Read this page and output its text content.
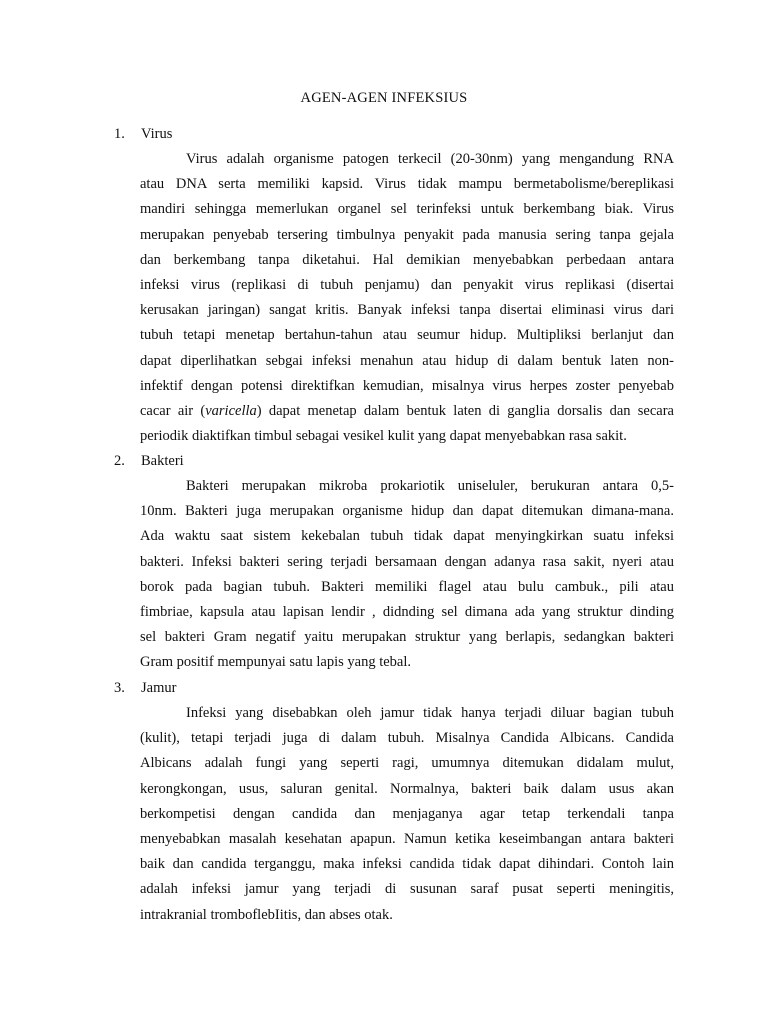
AGEN-AGEN INFEKSIUS
1. Virus
Virus adalah organisme patogen terkecil (20-30nm) yang mengandung RNA
atau DNA serta memiliki kapsid. Virus tidak mampu bermetabolisme/bereplikasi
mandiri sehingga memerlukan organel sel terinfeksi untuk berkembang biak. Virus
merupakan penyebab tersering timbulnya penyakit pada manusia sering tanpa gejala
dan berkembang tanpa diketahui. Hal demikian menyebabkan perbedaan antara
infeksi virus (replikasi di tubuh penjamu) dan penyakit virus replikasi (disertai
kerusakan jaringan) sangat kritis. Banyak infeksi tanpa disertai eliminasi virus dari
tubuh tetapi menetap bertahun-tahun atau seumur hidup. Multipliksi berlanjut dan
dapat diperlihatkan sebgai infeksi menahun atau hidup di dalam bentuk laten non-
infektif dengan potensi direktifkan kemudian, misalnya virus herpes zoster penyebab
cacar air (varicella) dapat menetap dalam bentuk laten di ganglia dorsalis dan secara
periodik diaktifkan timbul sebagai vesikel kulit yang dapat menyebabkan rasa sakit.
2. Bakteri
Bakteri merupakan mikroba prokariotik uniseluler, berukuran antara 0,5-
10nm. Bakteri juga merupakan organisme hidup dan dapat ditemukan dimana-mana.
Ada waktu saat sistem kekebalan tubuh tidak dapat menyingkirkan suatu infeksi
bakteri. Infeksi bakteri sering terjadi bersamaan dengan adanya rasa sakit, nyeri atau
borok pada bagian tubuh. Bakteri memiliki flagel atau bulu cambuk., pili atau
fimbriae, kapsula atau lapisan lendir , didnding sel dimana ada yang struktur dinding
sel bakteri Gram negatif yaitu merupakan struktur yang berlapis, sedangkan bakteri
Gram positif mempunyai satu lapis yang tebal.
3. Jamur
Infeksi yang disebabkan oleh jamur tidak hanya terjadi diluar bagian tubuh
(kulit), tetapi terjadi juga di dalam tubuh. Misalnya Candida Albicans. Candida
Albicans adalah fungi yang seperti ragi, umumnya ditemukan didalam mulut,
kerongkongan, usus, saluran genital. Normalnya, bakteri baik dalam usus akan
berkompetisi dengan candida dan menjaganya agar tetap terkendali tanpa
menyebabkan masalah kesehatan apapun. Namun ketika keseimbangan antara bakteri
baik dan candida terganggu, maka infeksi candida tidak dapat dihindari. Contoh lain
adalah infeksi jamur yang terjadi di susunan saraf pusat seperti meningitis,
intrakranial tromboflebIitis, dan abses otak.
